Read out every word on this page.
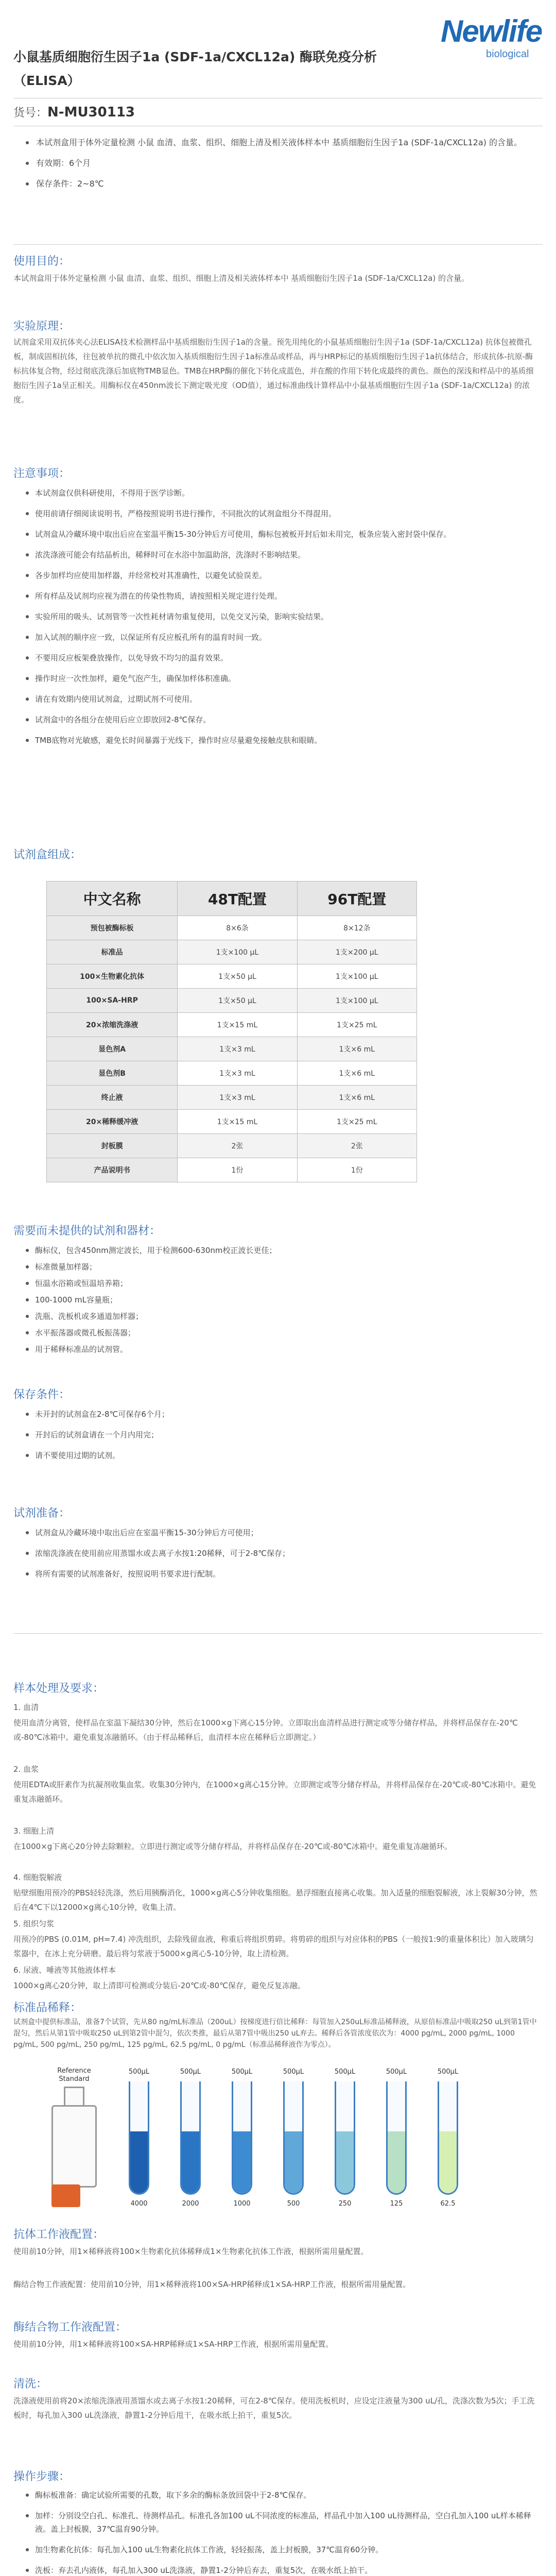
Newlife
biological
小鼠基质细胞衍生因子1a (SDF-1a/CXCL12a) 酶联免疫分析（ELISA）
货号：N-MU30113
本试剂盒用于体外定量检测 小鼠 血清、血浆、组织、细胞上清及相关液体样本中 基质细胞衍生因子1a (SDF-1a/CXCL12a) 的含量。
有效期：6个月
保存条件：2~8℃
使用目的：
本试剂盒用于体外定量检测 小鼠 血清、血浆、组织、细胞上清及相关液体样本中 基质细胞衍生因子1a (SDF-1a/CXCL12a) 的含量。
实验原理：
试剂盒采用双抗体夹心法ELISA技术检测样品中基质细胞衍生因子1a的含量。预先用纯化的小鼠基质细胞衍生因子1a (SDF-1a/CXCL12a) 抗体包被微孔板，制成固相抗体，往包被单抗的微孔中依次加入基质细胞衍生因子1a标准品或样品，再与HRP标记的基质细胞衍生因子1a抗体结合，形成抗体-抗原-酶标抗体复合物，经过彻底洗涤后加底物TMB显色。TMB在HRP酶的催化下转化成蓝色，并在酸的作用下转化成最终的黄色。颜色的深浅和样品中的基质细胞衍生因子1a呈正相关。用酶标仪在450nm波长下测定吸光度（OD值），通过标准曲线计算样品中小鼠基质细胞衍生因子1a (SDF-1a/CXCL12a) 的浓度。
注意事项：
本试剂盒仅供科研使用，不得用于医学诊断。
使用前请仔细阅读说明书，严格按照说明书进行操作，不同批次的试剂盒组分不得混用。
试剂盒从冷藏环境中取出后应在室温平衡15-30分钟后方可使用，酶标包被板开封后如未用完，板条应装入密封袋中保存。
浓洗涤液可能会有结晶析出，稀释时可在水浴中加温助溶，洗涤时不影响结果。
各步加样均应使用加样器，并经常校对其准确性，以避免试验误差。
所有样品及试剂均应视为潜在的传染性物质，请按照相关规定进行处理。
实验所用的吸头、试剂管等一次性耗材请勿重复使用，以免交叉污染，影响实验结果。
加入试剂的顺序应一致，以保证所有反应板孔所有的温育时间一致。
不要用反应板架叠放操作，以免导致不均匀的温育效果。
操作时应一次性加样，避免气泡产生，确保加样体积准确。
请在有效期内使用试剂盒，过期试剂不可使用。
试剂盒中的各组分在使用后应立即放回2-8℃保存。
TMB底物对光敏感，避免长时间暴露于光线下，操作时应尽量避免接触皮肤和眼睛。
试剂盒组成：
中文名称	48T配置	96T配置
预包被酶标板	8×6条	8×12条
标准品	1支×100 μL	1支×200 μL
100×生物素化抗体	1支×50 μL	1支×100 μL
100×SA-HRP	1支×50 μL	1支×100 μL
20×浓缩洗涤液	1支×15 mL	1支×25 mL
显色剂A	1支×3 mL	1支×6 mL
显色剂B	1支×3 mL	1支×6 mL
终止液	1支×3 mL	1支×6 mL
20×稀释缓冲液	1支×15 mL	1支×25 mL
封板膜	2张	2张
产品说明书	1份	1份
需要而未提供的试剂和器材：
酶标仪，包含450nm测定波长，用于检测600-630nm校正波长更佳；
标准微量加样器；
恒温水浴箱或恒温培养箱；
100-1000 mL容量瓶；
洗瓶、洗板机或多通道加样器；
水平振荡器或微孔板振荡器；
用于稀释标准品的试剂管。
保存条件：
未开封的试剂盒在2-8℃可保存6个月；
开封后的试剂盒请在一个月内用完；
请不要使用过期的试剂。
试剂准备：
试剂盒从冷藏环境中取出后应在室温平衡15-30分钟后方可使用；
浓缩洗涤液在使用前应用蒸馏水或去离子水按1:20稀释，可于2-8℃保存；
将所有需要的试剂准备好，按照说明书要求进行配制。
样本处理及要求：
1. 血清
使用血清分离管，使样品在室温下凝结30分钟，然后在1000×g下离心15分钟。立即取出血清样品进行测定或等分储存样品，并将样品保存在-20℃或-80℃冰箱中。避免重复冻融循环。（由于样品稀释后，血清样本应在稀释后立即测定。）
2. 血浆
使用EDTA或肝素作为抗凝剂收集血浆。收集30分钟内，在1000×g离心15分钟。立即测定或等分储存样品，并将样品保存在-20℃或-80℃冰箱中。避免重复冻融循环。
3. 细胞上清
在1000×g下离心20分钟去除颗粒。立即进行测定或等分储存样品，并将样品保存在-20℃或-80℃冰箱中。避免重复冻融循环。
4. 细胞裂解液
贴壁细胞用预冷的PBS轻轻洗涤，然后用胰酶消化，1000×g离心5分钟收集细胞。悬浮细胞直接离心收集。加入适量的细胞裂解液，冰上裂解30分钟，然后在4℃下以12000×g离心10分钟，收集上清。
5. 组织匀浆
用预冷的PBS (0.01M, pH=7.4) 冲洗组织，去除残留血液，称重后将组织剪碎。将剪碎的组织与对应体积的PBS（一般按1:9的重量体积比）加入玻璃匀浆器中，在冰上充分研磨。最后将匀浆液于5000×g离心5-10分钟，取上清检测。
6. 尿液、唾液等其他液体样本
1000×g离心20分钟，取上清即可检测或分装后-20℃或-80℃保存，避免反复冻融。
标准品稀释：
试剂盒中提供标准品，准备7个试管，先从80 ng/mL标准品（200uL）按梯度进行倍比稀释：每管加入250uL标准品稀释液，从原倍标准品中吸取250 uL到第1管中混匀，然后从第1管中吸取250 uL到第2管中混匀，依次类推，最后从第7管中吸出250 uL弃去。稀释后各管浓度依次为：4000 pg/mL, 2000 pg/mL, 1000 pg/mL, 500 pg/mL, 250 pg/mL, 125 pg/mL, 62.5 pg/mL, 0 pg/mL（标准品稀释液作为零点）。
Reference Standard
500μL
4000
500μL
2000
500μL
1000
500μL
500
500μL
250
500μL
125
500μL
62.5
抗体工作液配置：
使用前10分钟，用1×稀释液将100×生物素化抗体稀释成1×生物素化抗体工作液，根据所需用量配置。
酶结合物工作液配置：使用前10分钟，用1×稀释液将100×SA-HRP稀释成1×SA-HRP工作液，根据所需用量配置。
酶结合物工作液配置：
使用前10分钟，用1×稀释液将100×SA-HRP稀释成1×SA-HRP工作液，根据所需用量配置。
清洗：
洗涤液使用前将20×浓缩洗涤液用蒸馏水或去离子水按1:20稀释，可在2-8℃保存。使用洗板机时，应设定注液量为300 uL/孔，洗涤次数为5次；手工洗板时，每孔加入300 uL洗涤液，静置1-2分钟后甩干，在吸水纸上拍干，重复5次。
操作步骤：
酶标板准备：确定试验所需要的孔数，取下多余的酶标条放回袋中于2-8℃保存。
加样：分别设空白孔、标准孔、待测样品孔。标准孔各加100 uL不同浓度的标准品，样品孔中加入100 uL待测样品，空白孔加入100 uL样本稀释液。盖上封板膜，37℃温育90分钟。
加生物素化抗体：每孔加入100 uL生物素化抗体工作液，轻轻振荡，盖上封板膜，37℃温育60分钟。
洗板：弃去孔内液体，每孔加入300 uL洗涤液，静置1-2分钟后弃去，重复5次，在吸水纸上拍干。
